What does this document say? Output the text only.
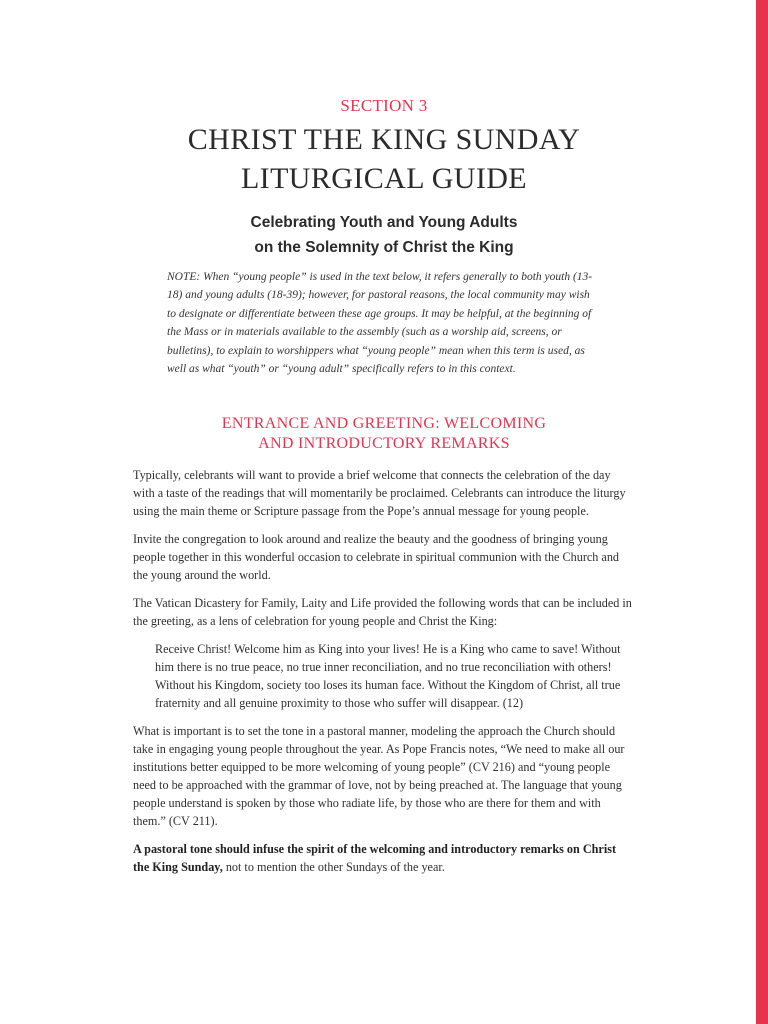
SECTION 3
CHRIST THE KING SUNDAY
LITURGICAL GUIDE
Celebrating Youth and Young Adults
on the Solemnity of Christ the King
NOTE: When “young people” is used in the text below, it refers generally to both youth (13-18) and young adults (18-39); however, for pastoral reasons, the local community may wish to designate or differentiate between these age groups. It may be helpful, at the beginning of the Mass or in materials available to the assembly (such as a worship aid, screens, or bulletins), to explain to worshippers what “young people” mean when this term is used, as well as what “youth” or “young adult” specifically refers to in this context.
ENTRANCE AND GREETING: WELCOMING
AND INTRODUCTORY REMARKS

Typically, celebrants will want to provide a brief welcome that connects the celebration of the day with a taste of the readings that will momentarily be proclaimed. Celebrants can introduce the liturgy using the main theme or Scripture passage from the Pope’s annual message for young people.

Invite the congregation to look around and realize the beauty and the goodness of bringing young people together in this wonderful occasion to celebrate in spiritual communion with the Church and the young around the world.

The Vatican Dicastery for Family, Laity and Life provided the following words that can be included in the greeting, as a lens of celebration for young people and Christ the King:

Receive Christ! Welcome him as King into your lives! He is a King who came to save! Without him there is no true peace, no true inner reconciliation, and no true reconciliation with others! Without his Kingdom, society too loses its human face. Without the Kingdom of Christ, all true fraternity and all genuine proximity to those who suffer will disappear. (12)

What is important is to set the tone in a pastoral manner, modeling the approach the Church should take in engaging young people throughout the year. As Pope Francis notes, “We need to make all our institutions better equipped to be more welcoming of young people” (CV 216) and “young people need to be approached with the grammar of love, not by being preached at. The language that young people understand is spoken by those who radiate life, by those who are there for them and with them.” (CV 211).

A pastoral tone should infuse the spirit of the welcoming and introductory remarks on Christ the King Sunday, not to mention the other Sundays of the year.
